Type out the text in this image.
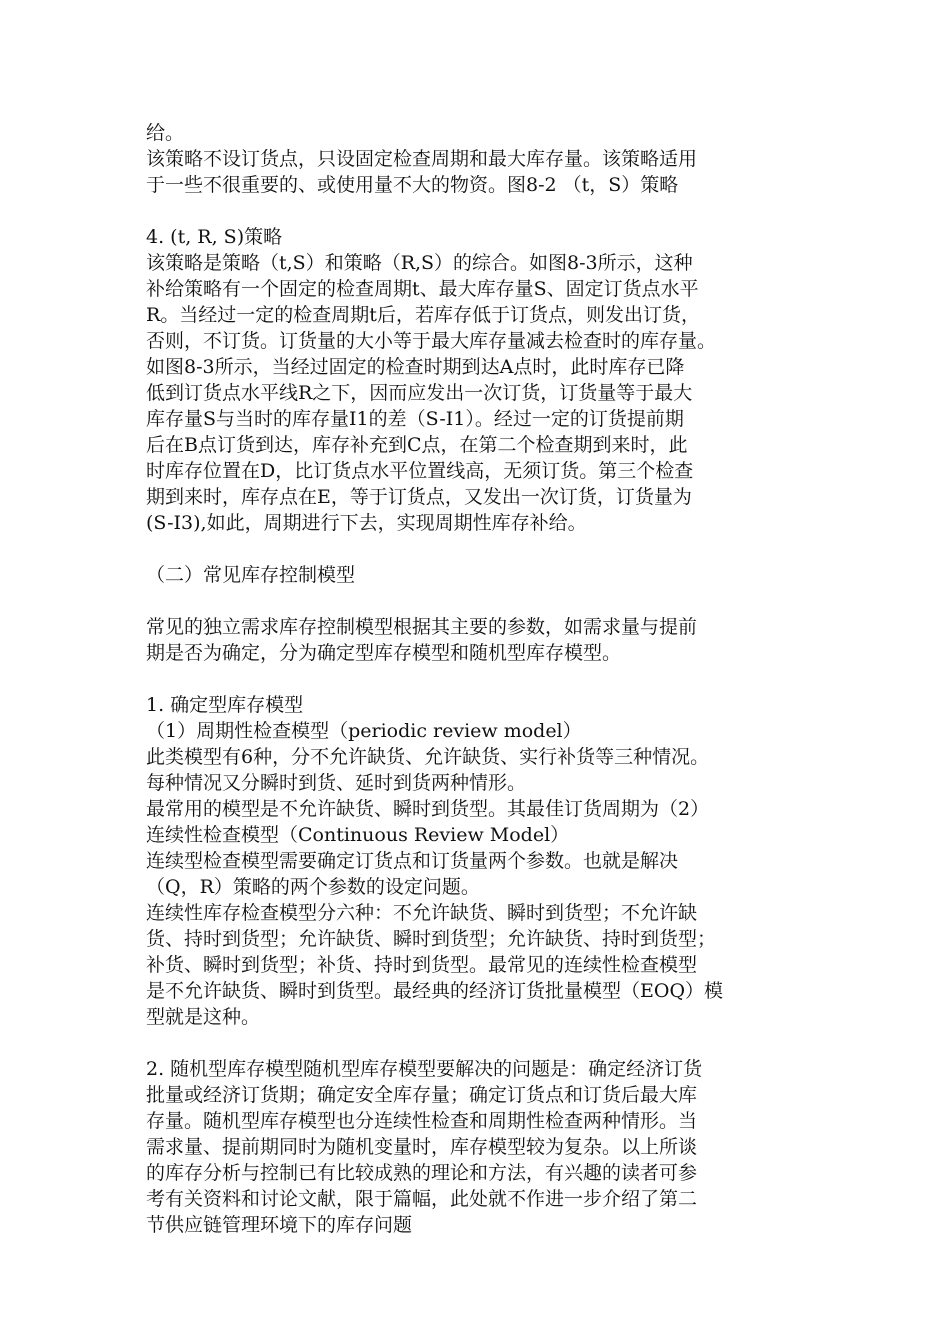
给。
该策略不设订货点，只设固定检查周期和最大库存量。该策略适用
于一些不很重要的、或使用量不大的物资。图8-2 （t，S）策略
4. (t, R, S)策略
该策略是策略（t,S）和策略（R,S）的综合。如图8-3所示，这种
补给策略有一个固定的检查周期t、最大库存量S、固定订货点水平
R。当经过一定的检查周期t后，若库存低于订货点，则发出订货，
否则，不订货。订货量的大小等于最大库存量减去检查时的库存量。
如图8-3所示，当经过固定的检查时期到达A点时，此时库存已降
低到订货点水平线R之下，因而应发出一次订货，订货量等于最大
库存量S与当时的库存量I1的差（S-I1）。经过一定的订货提前期
后在B点订货到达，库存补充到C点，在第二个检查期到来时，此
时库存位置在D，比订货点水平位置线高，无须订货。第三个检查
期到来时，库存点在E，等于订货点，又发出一次订货，订货量为
(S-I3),如此，周期进行下去，实现周期性库存补给。
（二）常见库存控制模型
常见的独立需求库存控制模型根据其主要的参数，如需求量与提前
期是否为确定，分为确定型库存模型和随机型库存模型。
1. 确定型库存模型
（1）周期性检查模型（periodic review model）
此类模型有6种，分不允许缺货、允许缺货、实行补货等三种情况。
每种情况又分瞬时到货、延时到货两种情形。
最常用的模型是不允许缺货、瞬时到货型。其最佳订货周期为（2）
连续性检查模型（Continuous Review Model）
连续型检查模型需要确定订货点和订货量两个参数。也就是解决
（Q，R）策略的两个参数的设定问题。
连续性库存检查模型分六种：不允许缺货、瞬时到货型；不允许缺
货、持时到货型；允许缺货、瞬时到货型；允许缺货、持时到货型；
补货、瞬时到货型；补货、持时到货型。最常见的连续性检查模型
是不允许缺货、瞬时到货型。最经典的经济订货批量模型（EOQ）模
型就是这种。
2. 随机型库存模型随机型库存模型要解决的问题是：确定经济订货
批量或经济订货期；确定安全库存量；确定订货点和订货后最大库
存量。随机型库存模型也分连续性检查和周期性检查两种情形。当
需求量、提前期同时为随机变量时，库存模型较为复杂。以上所谈
的库存分析与控制已有比较成熟的理论和方法，有兴趣的读者可参
考有关资料和讨论文献，限于篇幅，此处就不作进一步介绍了第二
节供应链管理环境下的库存问题
